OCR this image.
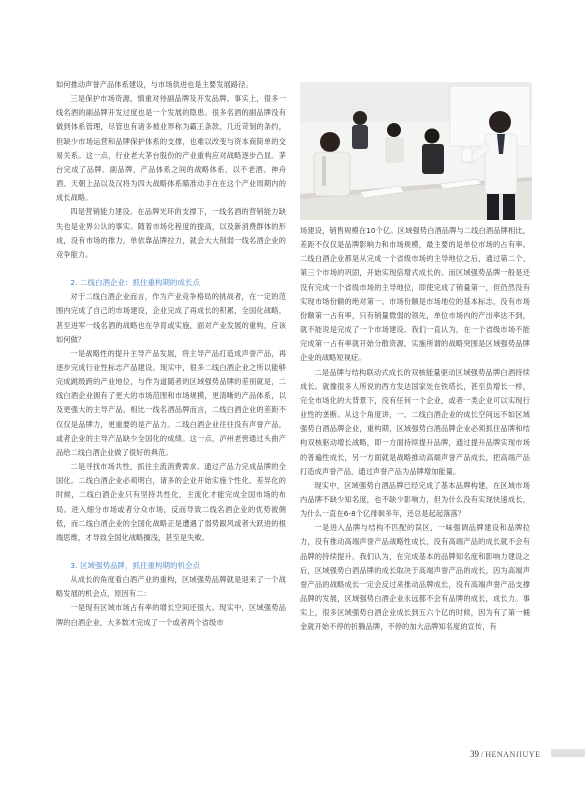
如何推动声誉产品体系建设，与市场供进也是主要发展路径。

三是保护市场资源，慎重对待副品牌及开发品牌。事实上，很多一线名酒的副品牌开发过度也是一个发展的隐患。很多名酒的副品牌没有做到体系管理，尽管也有诸多被业界称为霸王条款、几近苛刻的条约，但缺少市场运营和品牌保护体系的支撑，也难以改变与资本商简单的交易关系。这一点，行业老大茅台股份的产业重构应对战略逐步凸显。茅台完成了品牌、副品牌、产品体系之间的战略体系，以不老酒、神舟酒、天朝上品以及汉将为四大战略体系瞄准动手在在这个产业周期内的成长战略。

四是营销能力建设。在品牌光环的支撑下，一线名酒的营销能力缺失也是业界公认的事实。随着市场化程度的提高，以及新消费群体的形成，没有市场的推力，单依靠品牌拉力，就会大大削弱一线名酒企业的竞争能力。

2. 二线白酒企业：抓住重构期的成长点

对于二线白酒企业而言，作为产业竞争格局的挑战者，在一定的范围内完成了自己的市场建设，企业完成了再成长的积累，全国化战略，甚至进军一线名酒的战略也在孕育或实施，面对产业发展的重构，应该如何做？

一是战略性的提升主导产品发展，将主导产品打造成声誉产品，再逐步完成行业性标志产品建设。现实中，很多二线白酒企业之所以能够完成跳级跨的产业地位，与作为道随者的区域强势品牌的差别就是，二线白酒企业拥有了更大的市场范围和市场规模，更清晰的产品体系，以及更强大的主导产品。相比一线名酒品牌而言，二线白酒企业的差距不仅仅是品牌力，更重要的是产品力。二线白酒企业往往没有声誉产品，或者企业的主导产品缺少全国化的成绩。这一点，泸州老窖通过头曲产品给二线白酒企业做了很好的典范。

二是寻找市场共性，抓住主流消费需求。通过产品力完成品牌的全国化。二线白酒企业必须明白，诸多的企业开始实施个性化、差异化的时候，二线白酒企业只有坚持共性化，主流化才能完成全国市场的布局。进入细分市场或者分众市场，反而导致二线名酒企业的优势被侧低，而二线白酒企业的全国化战略正是遭遇了弱势跟风或者大跃进的根端思维，才导致全国化战略搁浅，甚至是失败。

3. 区域强势品牌，抓住重构期的机会点

从成长的角度看白酒产业的重构，区域强势品牌就是迎来了一个战略发展的机会点，原因有二：

一是现有区域市场占有率的增长空间还很大。现实中，区域强势品牌的白酒企业，大多数才完成了一个或者两个省级市

场建设，销售规模在10个亿。区域强势白酒品牌与二线白酒品牌相比，差距不仅仅是品牌影响力和市场规模，最主要的是单位市场的占有率。二线白酒企业都是从完成一个省级市场的主导地位之后，通过第二个、第三个市场的巩固，开始实现倍增式成长的。而区域强势品牌一般是还没有完成一个省级市场的主导地位，即使完成了销量第一，但仍然没有实现市场份额的绝对第一。市场份额是市场地位的基本标志，没有市场份额第一占有率，只有销量微弱的领先，单位市场内的产出率达不到，就不能说是完成了一个市场建设。我们一直认为，在一个省级市场不能完成第一占有率就开始分散资源，实施所谓的战略突围是区域强势品牌企业的战略短视症。

二是品牌与结构联动式成长的双核能量驱动区域强势品牌白酒持续成长。就像很多人所说的西方发达国家处在铁塔长，甚至负增长一样，完全市场化的大背景下，没有任何一个企业，或者一类企业可以实现行业性的垄断。从这个角度讲，一、二线白酒企业的成长空间远不如区域强势白酒品牌企业，重构期，区域强势白酒品牌企业必须抓住品牌和结构双核驱动增长战略，即一方面持续提升品牌，通过提升品牌实现市场的普遍性成长，另一方面就是战略推动高端声誉产品成长，把高端产品打造成声誉产品，通过声誉产品为品牌增加能量。

现实中，区域强势白酒品牌已经完成了基本品牌构建，在区域市场内品牌不缺少知名度，也不缺少影响力，但为什么没有实现快速成长，为什么一直在6-8个亿徘徊多年，还总是起起落落？

一是进入品牌与结构不匹配的误区，一味强调品牌建设和品牌拉力，没有推动高端声誉产品战略性成长，没有高端产品的成长就不会有品牌的持续提升。我们认为，在完成基本的品牌知名度和影响力建设之后，区域强势白酒品牌的成长取决于高端声誉产品的成长，因为高端声誉产品的战略成长一定会反过来推动品牌成长，没有高端声誉产品支撑品牌的发展，区域强势白酒企业永远都不会有品牌的成长，成长力。事实上，很多区域强势白酒企业成长到五六个亿的时候，因为有了第一桶金就开始不停的折腾品牌，不停的加大品牌知名度的宣传，有

39 / HENANJIUYE
